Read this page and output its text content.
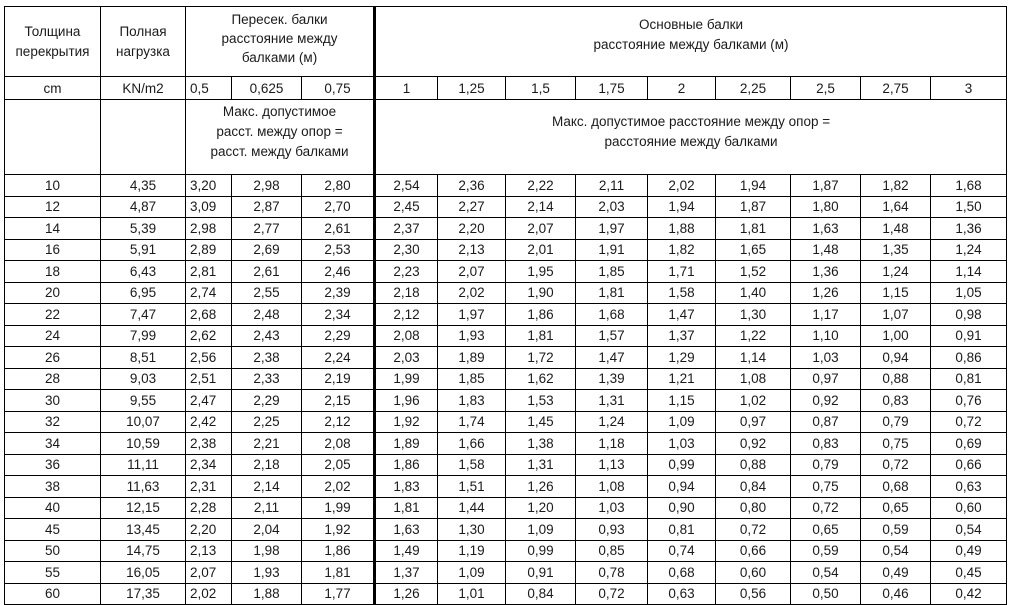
Толщина
перекрытия	Полная
нагрузка	Пересек. балки
расстояние между
балками (м)			Основные балки
расстояние между балками (м)								

cm	KN/m2	0,5	0,625	0,75	1	1,25	1,5	1,75	2	2,25	2,5	2,75	3

		Макс. допустимое
расст. между опор =
расст. между балками			Макс. допустимое расстояние между опор =
расстояние между балками								

10	4,35	3,20	2,98	2,80	2,54	2,36	2,22	2,11	2,02	1,94	1,87	1,82	1,68
12	4,87	3,09	2,87	2,70	2,45	2,27	2,14	2,03	1,94	1,87	1,80	1,64	1,50
14	5,39	2,98	2,77	2,61	2,37	2,20	2,07	1,97	1,88	1,81	1,63	1,48	1,36
16	5,91	2,89	2,69	2,53	2,30	2,13	2,01	1,91	1,82	1,65	1,48	1,35	1,24
18	6,43	2,81	2,61	2,46	2,23	2,07	1,95	1,85	1,71	1,52	1,36	1,24	1,14
20	6,95	2,74	2,55	2,39	2,18	2,02	1,90	1,81	1,58	1,40	1,26	1,15	1,05
22	7,47	2,68	2,48	2,34	2,12	1,97	1,86	1,68	1,47	1,30	1,17	1,07	0,98
24	7,99	2,62	2,43	2,29	2,08	1,93	1,81	1,57	1,37	1,22	1,10	1,00	0,91
26	8,51	2,56	2,38	2,24	2,03	1,89	1,72	1,47	1,29	1,14	1,03	0,94	0,86
28	9,03	2,51	2,33	2,19	1,99	1,85	1,62	1,39	1,21	1,08	0,97	0,88	0,81
30	9,55	2,47	2,29	2,15	1,96	1,83	1,53	1,31	1,15	1,02	0,92	0,83	0,76
32	10,07	2,42	2,25	2,12	1,92	1,74	1,45	1,24	1,09	0,97	0,87	0,79	0,72
34	10,59	2,38	2,21	2,08	1,89	1,66	1,38	1,18	1,03	0,92	0,83	0,75	0,69
36	11,11	2,34	2,18	2,05	1,86	1,58	1,31	1,13	0,99	0,88	0,79	0,72	0,66
38	11,63	2,31	2,14	2,02	1,83	1,51	1,26	1,08	0,94	0,84	0,75	0,68	0,63
40	12,15	2,28	2,11	1,99	1,81	1,44	1,20	1,03	0,90	0,80	0,72	0,65	0,60
45	13,45	2,20	2,04	1,92	1,63	1,30	1,09	0,93	0,81	0,72	0,65	0,59	0,54
50	14,75	2,13	1,98	1,86	1,49	1,19	0,99	0,85	0,74	0,66	0,59	0,54	0,49
55	16,05	2,07	1,93	1,81	1,37	1,09	0,91	0,78	0,68	0,60	0,54	0,49	0,45
60	17,35	2,02	1,88	1,77	1,26	1,01	0,84	0,72	0,63	0,56	0,50	0,46	0,42
